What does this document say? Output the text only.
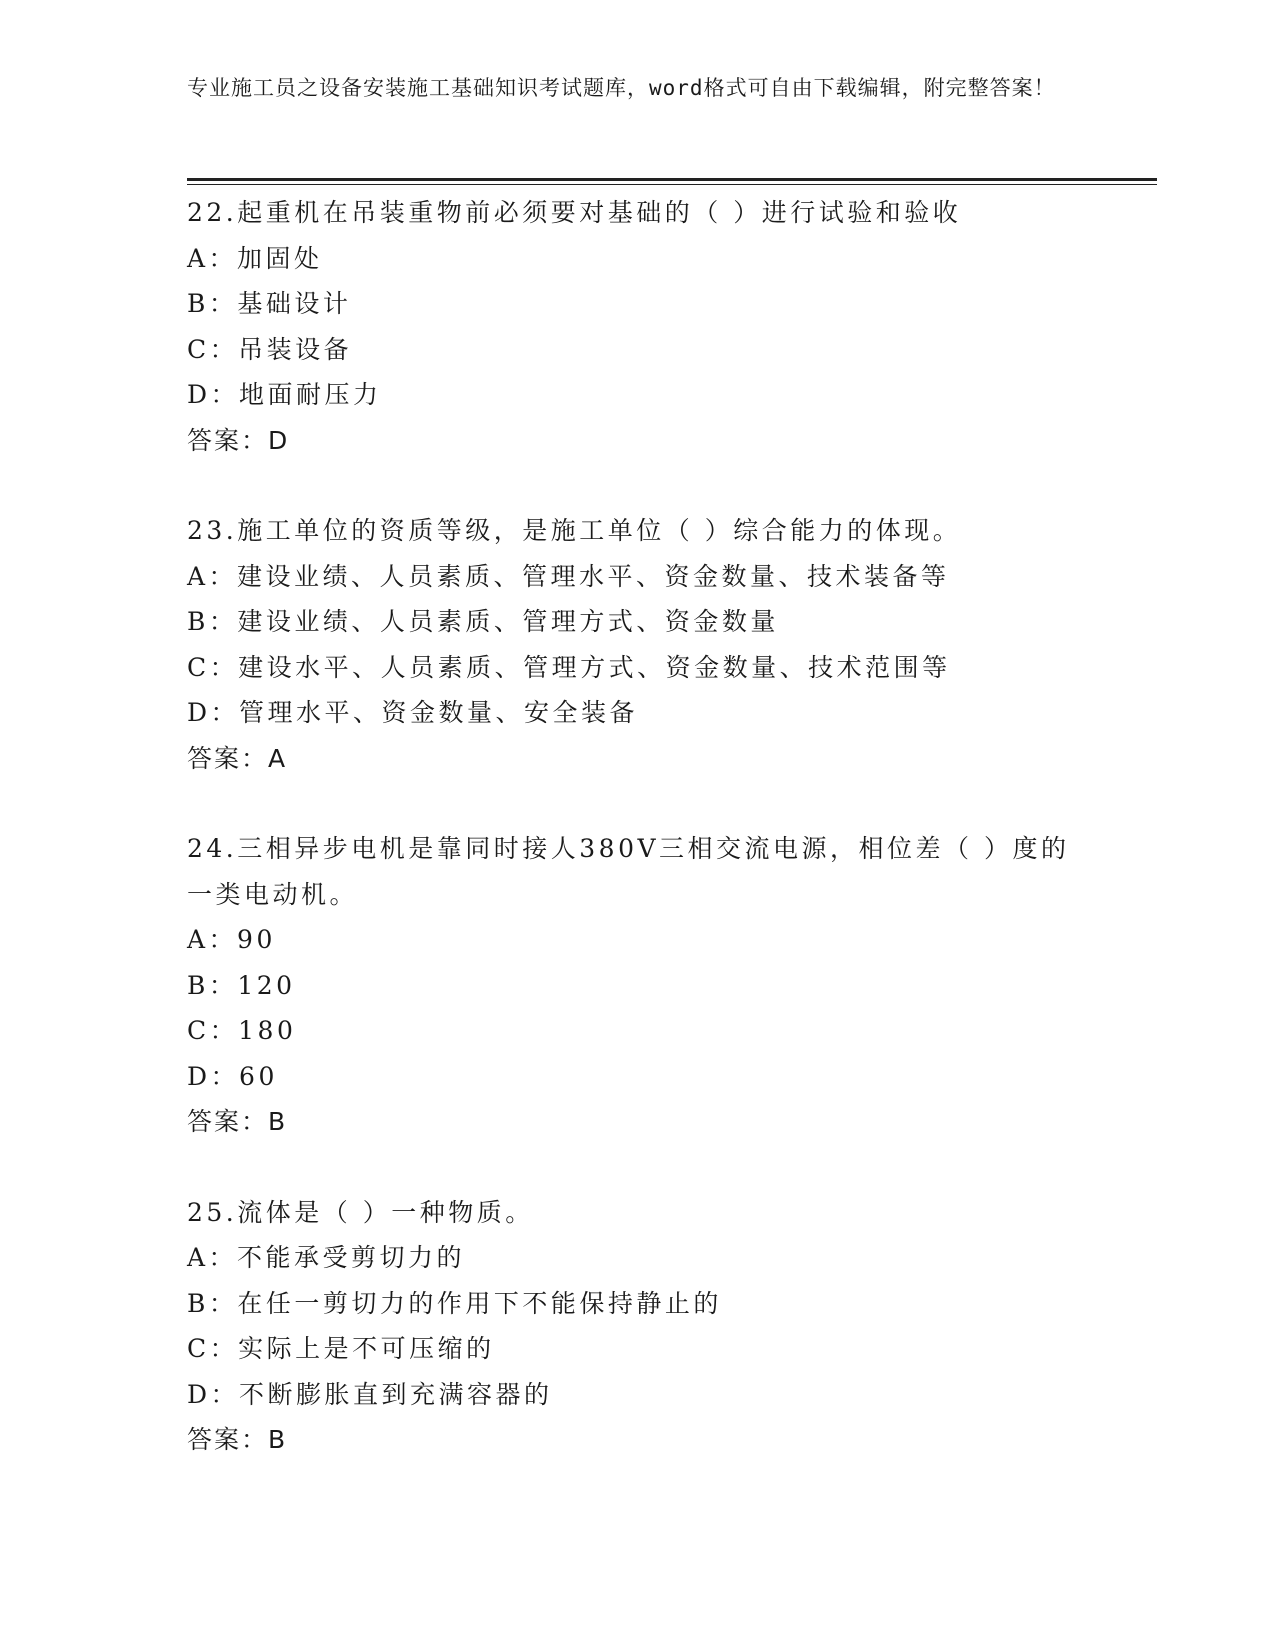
专业施工员之设备安装施工基础知识考试题库，word格式可自由下载编辑，附完整答案！
22.起重机在吊装重物前必须要对基础的（ ）进行试验和验收
A：加固处
B：基础设计
C：吊装设备
D：地面耐压力
答案：D
23.施工单位的资质等级，是施工单位（ ）综合能力的体现。
A：建设业绩、人员素质、管理水平、资金数量、技术装备等
B：建设业绩、人员素质、管理方式、资金数量
C：建设水平、人员素质、管理方式、资金数量、技术范围等
D：管理水平、资金数量、安全装备
答案：A
24.三相异步电机是靠同时接人380V三相交流电源，相位差（ ）度的一类电动机。
A：90
B：120
C：180
D：60
答案：B
25.流体是（ ）一种物质。
A：不能承受剪切力的
B：在任一剪切力的作用下不能保持静止的
C：实际上是不可压缩的
D：不断膨胀直到充满容器的
答案：B
